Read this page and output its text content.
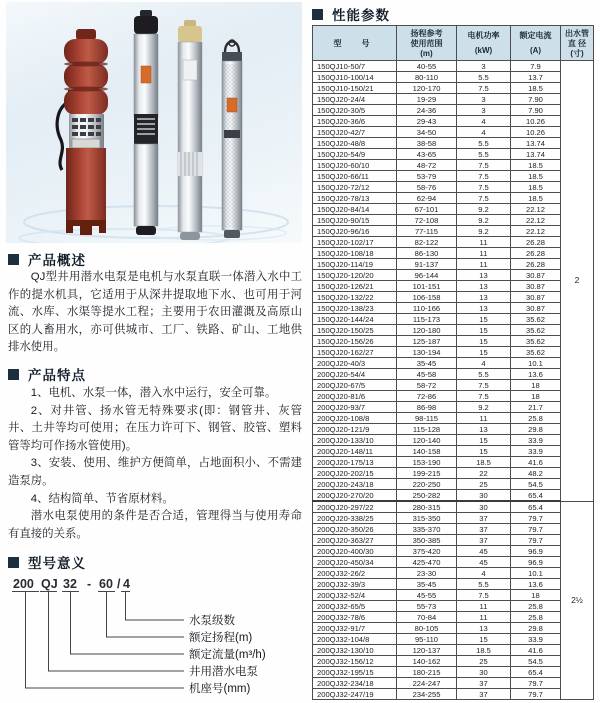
产品概述

QJ型井用潜水电泵是电机与水泵直联一体潜入水中工作的提水机具，它适用于从深井提取地下水、也可用于河流、水库、水渠等提水工程；主要用于农田灌溉及高原山区的人畜用水，亦可供城市、工厂、铁路、矿山、工地供排水使用。

产品特点

1、电机、水泵一体，潜入水中运行，安全可靠。

2、对井管、扬水管无特殊要求(即：钢管井、灰管井、土井等均可使用；在压力许可下、钢管、胶管、塑料管等均可作扬水管使用)。

3、安装、使用、维护方便简单，占地面积小、不需建造泵房。

4、结构简单、节省原材料。

潜水电泵使用的条件是否合适，管理得当与使用寿命有直接的关系。

型号意义
200 QJ 32 - 60 / 4
水泵级数
额定扬程(m)
额定流量(m³/h)
井用潜水电泵
机座号(mm)
性能参数
型　号	
扬程参考
使用范围
(m)

电机功率
(kW)

额定电流
(A)

出水管
直 径
(寸)

150QJ10-50/7	40-55	3	7.9	2
150QJ10-100/14	80-110	5.5	13.7	
150QJ10-150/21	120-170	7.5	18.5	
150QJ20-24/4	19-29	3	7.90	
150QJ20-30/5	24-36	3	7.90	
150QJ20-36/6	29-43	4	10.26	
150QJ20-42/7	34-50	4	10.26	
150QJ20-48/8	38-58	5.5	13.74	
150QJ20-54/9	43-65	5.5	13.74	
150QJ20-60/10	48-72	7.5	18.5	
150QJ20-66/11	53-79	7.5	18.5	
150QJ20-72/12	58-76	7.5	18.5	
150QJ20-78/13	62-94	7.5	18.5	
150QJ20-84/14	67-101	9.2	22.12	
150QJ20-90/15	72-108	9.2	22.12	
150QJ20-96/16	77-115	9.2	22.12	
150QJ20-102/17	82-122	11	26.28	
150QJ20-108/18	86-130	11	26.28	
150QJ20-114/19	91-137	11	26.28	
150QJ20-120/20	96-144	13	30.87	
150QJ20-126/21	101-151	13	30.87	
150QJ20-132/22	106-158	13	30.87	
150QJ20-138/23	110-166	13	30.87	
150QJ20-144/24	115-173	15	35.62	
150QJ20-150/25	120-180	15	35.62	
150QJ20-156/26	125-187	15	35.62	
150QJ20-162/27	130-194	15	35.62	
200QJ20-40/3	35-45	4	10.1	
200QJ20-54/4	45-58	5.5	13.6	
200QJ20-67/5	58-72	7.5	18	
200QJ20-81/6	72-86	7.5	18	
200QJ20-93/7	86-98	9.2	21.7	
200QJ20-108/8	98-115	11	25.8	
200QJ20-121/9	115-128	13	29.8	
200QJ20-133/10	120-140	15	33.9	
200QJ20-148/11	140-158	15	33.9	
200QJ20-175/13	153-190	18.5	41.6	
200QJ20-202/15	199-215	22	48.2	
200QJ20-243/18	220-250	25	54.5	
200QJ20-270/20	250-282	30	65.4	
200QJ20-297/22	280-315	30	65.4	2½
200QJ20-338/25	315-350	37	79.7	
200QJ20-350/26	335-370	37	79.7	
200QJ20-363/27	350-385	37	79.7	
200QJ20-400/30	375-420	45	96.9	
200QJ20-450/34	425-470	45	96.9	
200QJ32-26/2	23-30	4	10.1	
200QJ32-39/3	35-45	5.5	13.6	
200QJ32-52/4	45-55	7.5	18	
200QJ32-65/5	55-73	11	25.8	
200QJ32-78/6	70-84	11	25.8	
200QJ32-91/7	80-105	13	29.8	
200QJ32-104/8	95-110	15	33.9	
200QJ32-130/10	120-137	18.5	41.6	
200QJ32-156/12	140-162	25	54.5	
200QJ32-195/15	180-215	30	65.4	
200QJ32-234/18	224-247	37	79.7	
200QJ32-247/19	234-255	37	79.7	
